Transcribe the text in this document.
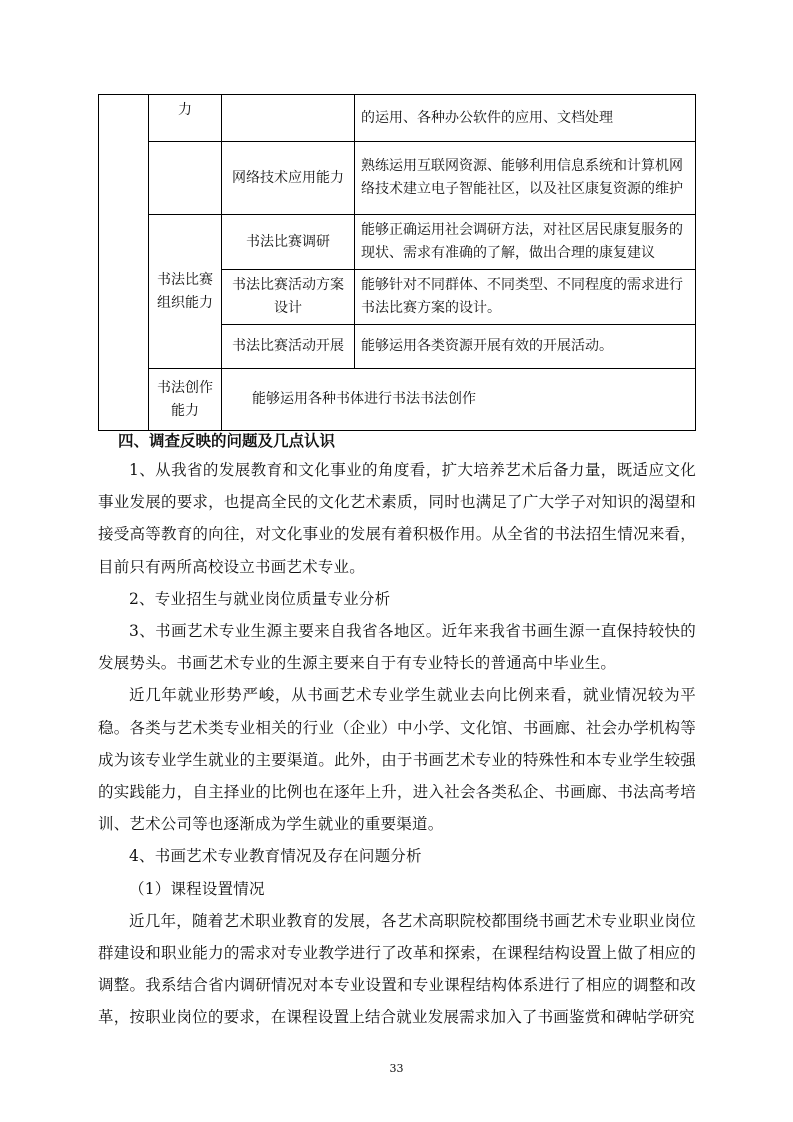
	力		的运用、各种办公软件的应用、文档处理
		网络技术应用能力	熟练运用互联网资源、能够利用信息系统和计算机网络技术建立电子智能社区，以及社区康复资源的维护
	书法比赛组织能力	书法比赛调研	能够正确运用社会调研方法，对社区居民康复服务的现状、需求有准确的了解，做出合理的康复建议
		书法比赛活动方案设计	能够针对不同群体、不同类型、不同程度的需求进行书法比赛方案的设计。
		书法比赛活动开展	能够运用各类资源开展有效的开展活动。
	书法创作能力	能够运用各种书体进行书法书法创作	
四、调查反映的问题及几点认识

1、从我省的发展教育和文化事业的角度看，扩大培养艺术后备力量，既适应文化事业发展的要求，也提高全民的文化艺术素质，同时也满足了广大学子对知识的渴望和接受高等教育的向往，对文化事业的发展有着积极作用。从全省的书法招生情况来看，目前只有两所高校设立书画艺术专业。

2、专业招生与就业岗位质量专业分析

3、书画艺术专业生源主要来自我省各地区。近年来我省书画生源一直保持较快的发展势头。书画艺术专业的生源主要来自于有专业特长的普通高中毕业生。

近几年就业形势严峻，从书画艺术专业学生就业去向比例来看，就业情况较为平稳。各类与艺术类专业相关的行业（企业）中小学、文化馆、书画廊、社会办学机构等成为该专业学生就业的主要渠道。此外，由于书画艺术专业的特殊性和本专业学生较强的实践能力，自主择业的比例也在逐年上升，进入社会各类私企、书画廊、书法高考培训、艺术公司等也逐渐成为学生就业的重要渠道。

4、书画艺术专业教育情况及存在问题分析

（1）课程设置情况

近几年，随着艺术职业教育的发展，各艺术高职院校都围绕书画艺术专业职业岗位群建设和职业能力的需求对专业教学进行了改革和探索，在课程结构设置上做了相应的调整。我系结合省内调研情况对本专业设置和专业课程结构体系进行了相应的调整和改革，按职业岗位的要求，在课程设置上结合就业发展需求加入了书画鉴赏和碑帖学研究

33
